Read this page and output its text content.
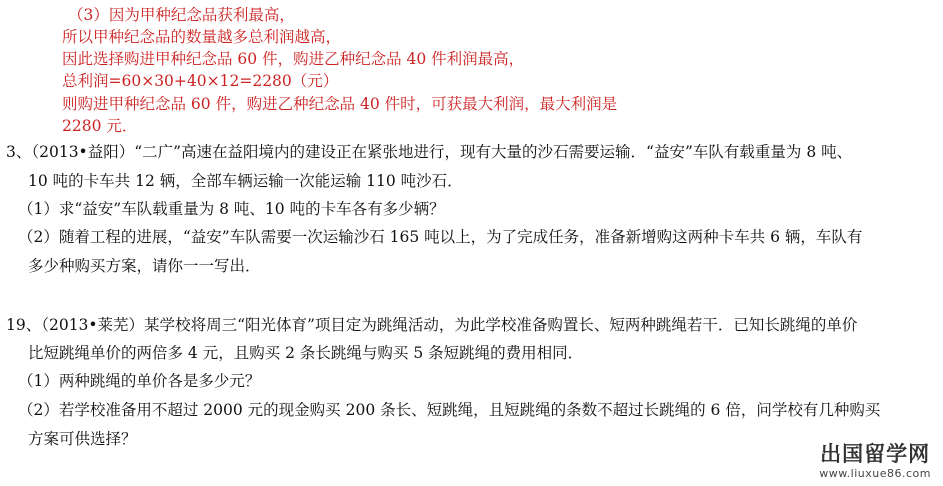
（3）因为甲种纪念品获利最高，
所以甲种纪念品的数量越多总利润越高，
因此选择购进甲种纪念品 60 件，购进乙种纪念品 40 件利润最高，
总利润=60×30+40×12=2280（元）
则购进甲种纪念品 60 件，购进乙种纪念品 40 件时，可获最大利润，最大利润是
2280 元．
3、（2013•益阳）“二广”高速在益阳境内的建设正在紧张地进行，现有大量的沙石需要运输．“益安”车队有载重量为 8 吨、
10 吨的卡车共 12 辆，全部车辆运输一次能运输 110 吨沙石．
（1）求“益安”车队载重量为 8 吨、10 吨的卡车各有多少辆？
（2）随着工程的进展，“益安”车队需要一次运输沙石 165 吨以上，为了完成任务，准备新增购这两种卡车共 6 辆，车队有
多少种购买方案，请你一一写出．
19、（2013•莱芜）某学校将周三“阳光体育”项目定为跳绳活动，为此学校准备购置长、短两种跳绳若干．已知长跳绳的单价
比短跳绳单价的两倍多 4 元，且购买 2 条长跳绳与购买 5 条短跳绳的费用相同．
（1）两种跳绳的单价各是多少元？
（2）若学校准备用不超过 2000 元的现金购买 200 条长、短跳绳，且短跳绳的条数不超过长跳绳的 6 倍，问学校有几种购买
方案可供选择？
出国留学网
www.liuxue86.com
